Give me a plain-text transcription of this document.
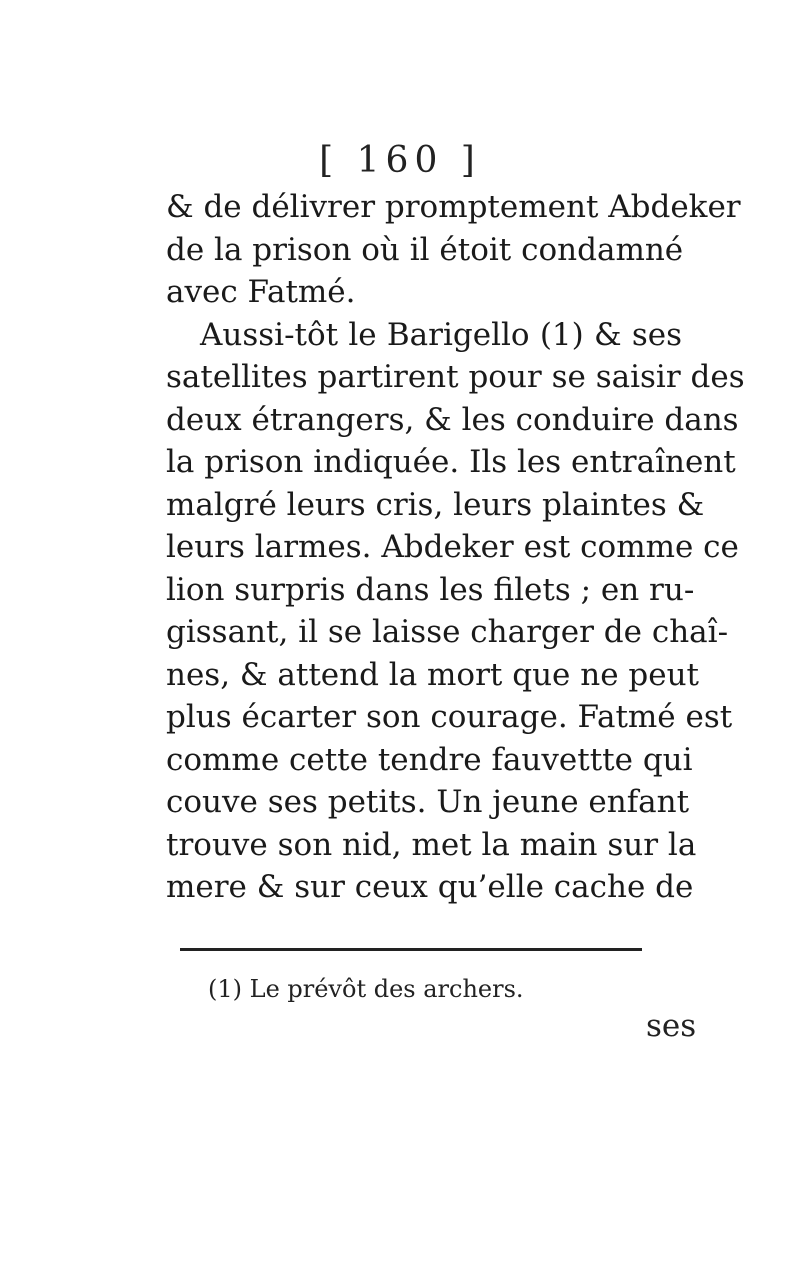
[ 160 ]
& de délivrer promptement Abdeker
de la prison où il étoit condamné
avec Fatmé.
Aussi-tôt le Barigello (1) & ses
satellites partirent pour se saisir des
deux étrangers, & les conduire dans
la prison indiquée. Ils les entraînent
malgré leurs cris, leurs plaintes &
leurs larmes. Abdeker est comme ce
lion surpris dans les filets ; en ru-
gissant, il se laisse charger de chaî-
nes, & attend la mort que ne peut
plus écarter son courage. Fatmé est
comme cette tendre fauvettte qui
couve ses petits. Un jeune enfant
trouve son nid, met la main sur la
mere & sur ceux qu’elle cache de
(1) Le prévôt des archers.
ses
